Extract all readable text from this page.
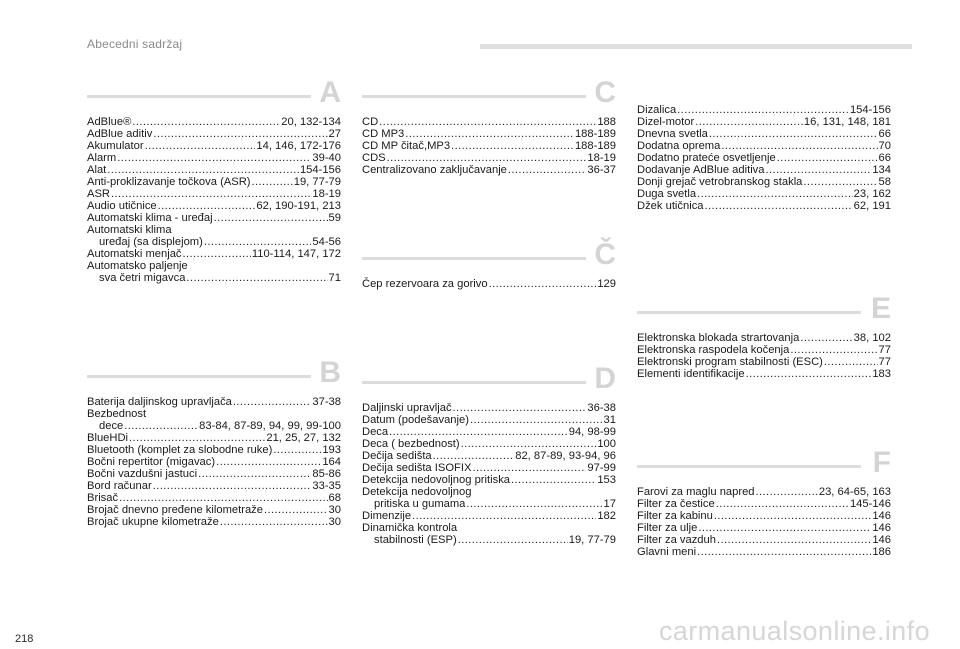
Abecedni sadržaj
A
AdBlue® .....	20, 132-134
AdBlue aditiv .....	27
Akumulator .....	14, 146, 172-176
Alarm .....	39-40
Alat .....	154-156
Anti-proklizavanje točkova (ASR) .....	19, 77-79
ASR .....	18-19
Audio utičnice .....	62, 190-191, 213
Automatski klima - uređaj .....	59
Automatski klima
uređaj (sa displejom) .....	54-56
Automatski menjač .....	110-114, 147, 172
Automatsko paljenje
sva četri migavca .....	71
B
Baterija daljinskog upravljača .....	37-38
Bezbednost
dece .....	83-84, 87-89, 94, 99, 99-100
BlueHDi .....	21, 25, 27, 132
Bluetooth (komplet za slobodne ruke) .....	193
Bočni repertitor (migavac) .....	164
Bočni vazdušni jastuci .....	85-86
Bord računar .....	33-35
Brisač .....	68
Brojač dnevno pređene kilometraže .....	30
Brojač ukupne kilometraže .....	30
C
CD .....	188
CD MP3 .....	188-189
CD MP čitač,MP3 .....	188-189
CDS .....	18-19
Centralizovano zaključavanje .....	36-37
Č
Čep rezervoara za gorivo .....	129
D
Daljinski upravljač .....	36-38
Datum (podešavanje) .....	31
Deca .....	94, 98-99
Deca ( bezbednost) .....	100
Dečija sedišta .....	82, 87-89, 93-94, 96
Dečija sedišta ISOFIX .....	97-99
Detekcija nedovoljnog pritiska .....	153
Detekcija nedovoljnog
pritiska u gumama .....	17
Dimenzije .....	182
Dinamička kontrola
stabilnosti (ESP) .....	19, 77-79
Dizalica .....	154-156
Dizel-motor .....	16, 131, 148, 181
Dnevna svetla .....	66
Dodatna oprema .....	70
Dodatno prateće osvetljenje .....	66
Dodavanje AdBlue aditiva .....	134
Donji grejač vetrobranskog stakla .....	58
Duga svetla .....	23, 162
Džek utičnica .....	62, 191
E
Elektronska blokada strartovanja .....	38, 102
Elektronska raspodela kočenja .....	77
Elektronski program stabilnosti (ESC) .....	77
Elementi identifikacije .....	183
F
Farovi za maglu napred .....	23, 64-65, 163
Filter za čestice .....	145-146
Filter za kabinu .....	146
Filter za ulje .....	146
Filter za vazduh .....	146
Glavni meni .....	186
218	carmanualsonline.info
